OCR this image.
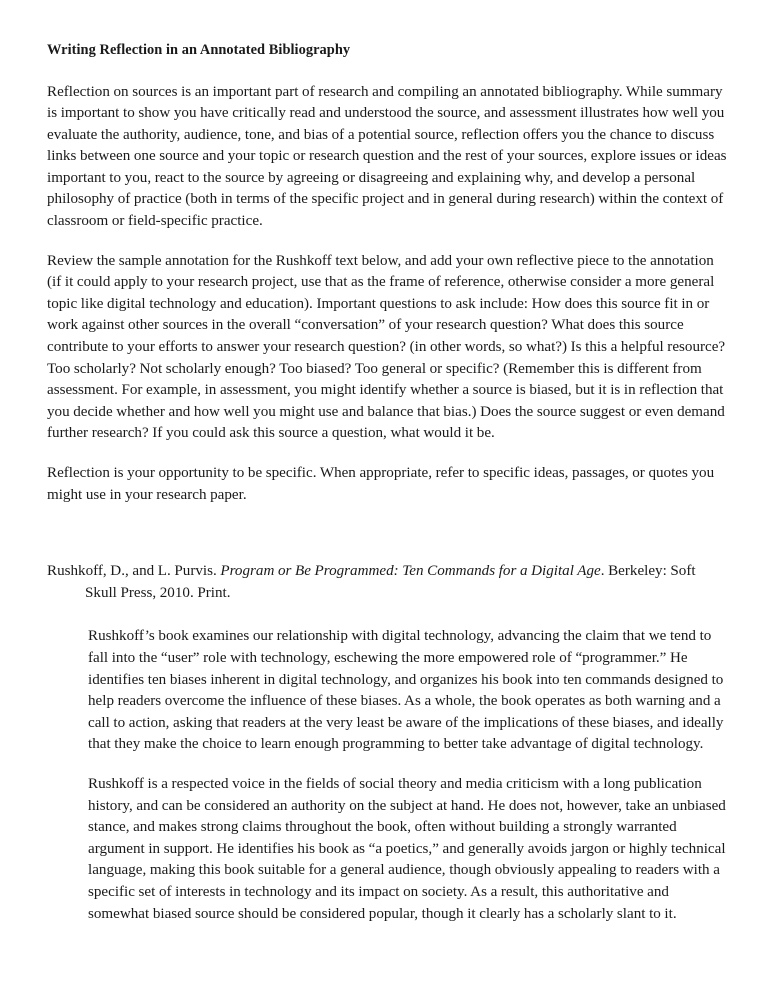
Writing Reflection in an Annotated Bibliography

Reflection on sources is an important part of research and compiling an annotated bibliography. While summary is important to show you have critically read and understood the source, and assessment illustrates how well you evaluate the authority, audience, tone, and bias of a potential source, reflection offers you the chance to discuss links between one source and your topic or research question and the rest of your sources, explore issues or ideas important to you, react to the source by agreeing or disagreeing and explaining why, and develop a personal philosophy of practice (both in terms of the specific project and in general during research) within the context of classroom or field-specific practice.

Review the sample annotation for the Rushkoff text below, and add your own reflective piece to the annotation (if it could apply to your research project, use that as the frame of reference, otherwise consider a more general topic like digital technology and education). Important questions to ask include: How does this source fit in or work against other sources in the overall “conversation” of your research question? What does this source contribute to your efforts to answer your research question? (in other words, so what?) Is this a helpful resource? Too scholarly? Not scholarly enough? Too biased? Too general or specific? (Remember this is different from assessment. For example, in assessment, you might identify whether a source is biased, but it is in reflection that you decide whether and how well you might use and balance that bias.) Does the source suggest or even demand further research? If you could ask this source a question, what would it be.

Reflection is your opportunity to be specific. When appropriate, refer to specific ideas, passages, or quotes you might use in your research paper.

Rushkoff, D., and L. Purvis. Program or Be Programmed: Ten Commands for a Digital Age. Berkeley: Soft Skull Press, 2010. Print.

Rushkoff’s book examines our relationship with digital technology, advancing the claim that we tend to fall into the “user” role with technology, eschewing the more empowered role of “programmer.” He identifies ten biases inherent in digital technology, and organizes his book into ten commands designed to help readers overcome the influence of these biases. As a whole, the book operates as both warning and a call to action, asking that readers at the very least be aware of the implications of these biases, and ideally that they make the choice to learn enough programming to better take advantage of digital technology.

Rushkoff is a respected voice in the fields of social theory and media criticism with a long publication history, and can be considered an authority on the subject at hand. He does not, however, take an unbiased stance, and makes strong claims throughout the book, often without building a strongly warranted argument in support. He identifies his book as “a poetics,” and generally avoids jargon or highly technical language, making this book suitable for a general audience, though obviously appealing to readers with a specific set of interests in technology and its impact on society. As a result, this authoritative and somewhat biased source should be considered popular, though it clearly has a scholarly slant to it.
